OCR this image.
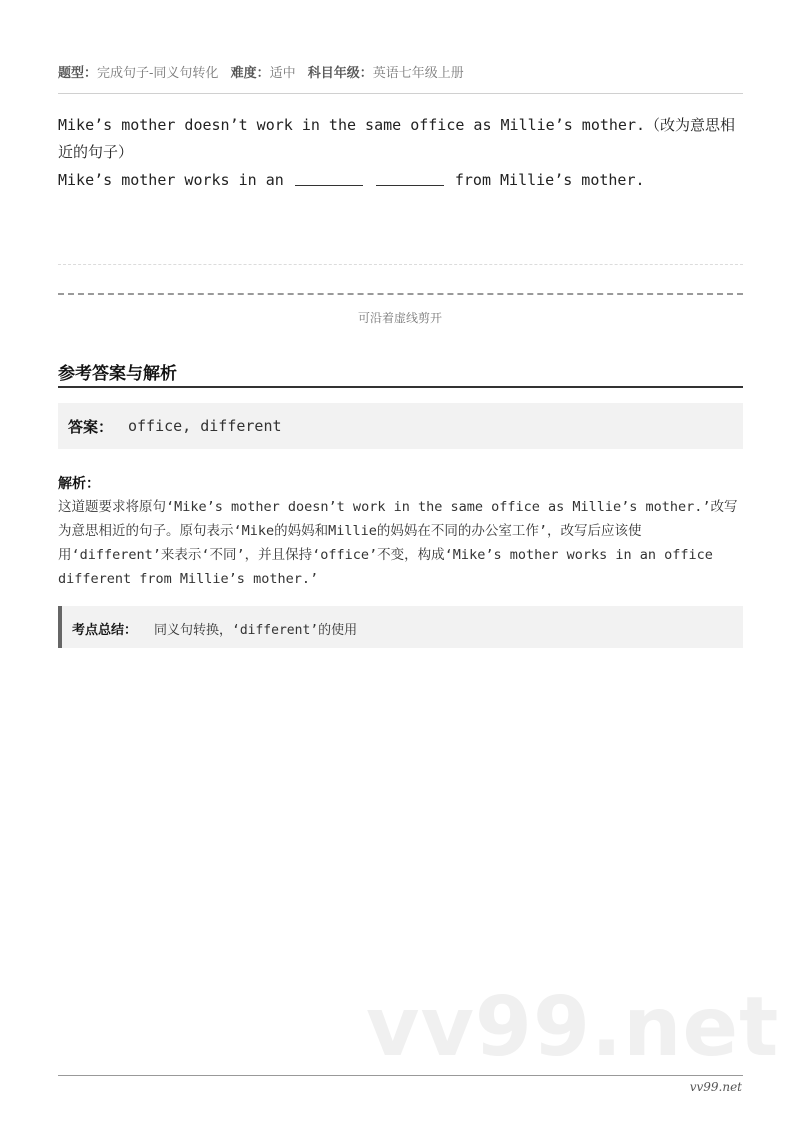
题型：完成句子-同义句转化 难度：适中 科目年级：英语七年级上册

Mike’s mother doesn’t work in the same office as Millie’s mother.（改为意思相近的句子）

Mike’s mother works in an	from Millie’s mother.

可沿着虚线剪开
参考答案与解析
答案： office, different
解析：
这道题要求将原句‘Mike’s mother doesn’t work in the same office as Millie’s mother.’改写为意思相近的句子。原句表示‘Mike的妈妈和Millie的妈妈在不同的办公室工作’，改写后应该使用‘different’来表示‘不同’，并且保持‘office’不变，构成‘Mike’s mother works in an office different from Millie’s mother.’
考点总结： 同义句转换，‘different’的使用
vv99.net
vv99.net
